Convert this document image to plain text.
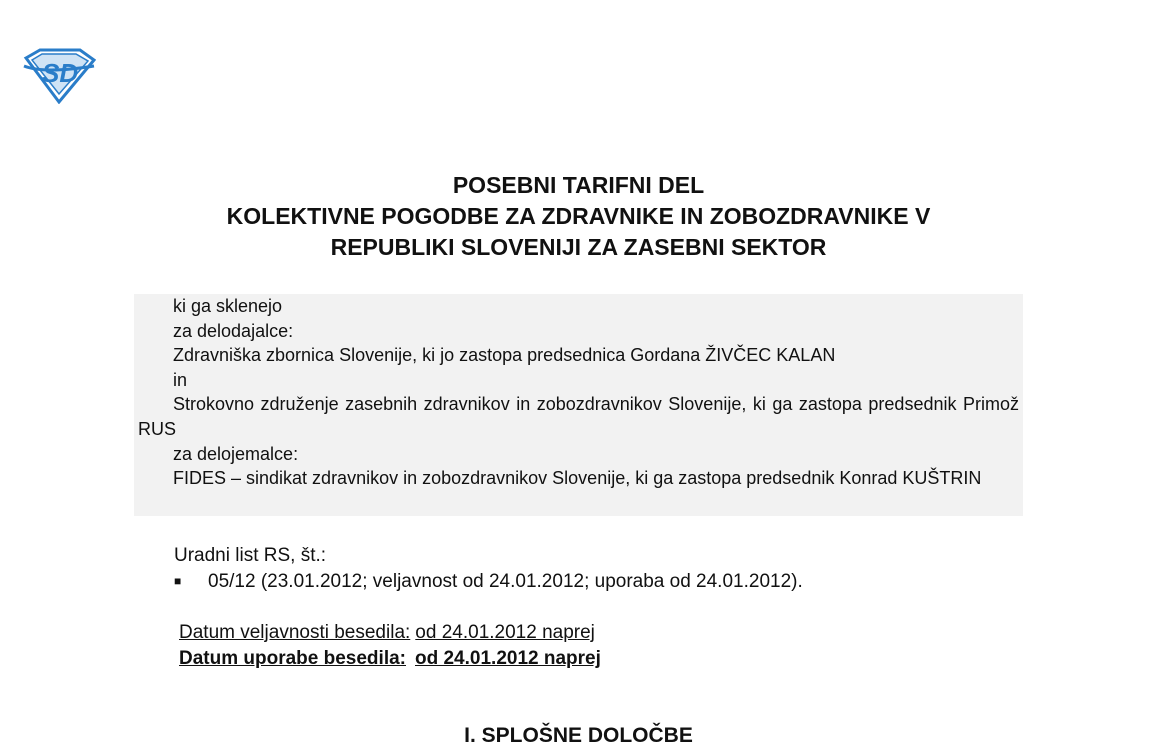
SD
POSEBNI TARIFNI DEL
KOLEKTIVNE POGODBE ZA ZDRAVNIKE IN ZOBOZDRAVNIKE V
REPUBLIKI SLOVENIJI ZA ZASEBNI SEKTOR
ki ga sklenejo
za delodajalce:
Zdravniška zbornica Slovenije, ki jo zastopa predsednica Gordana ŽIVČEC KALAN
in
Strokovno združenje zasebnih zdravnikov in zobozdravnikov Slovenije, ki ga zastopa predsednik Primož RUS
za delojemalce:
FIDES – sindikat zdravnikov in zobozdravnikov Slovenije, ki ga zastopa predsednik Konrad KUŠTRIN
Uradni list RS, št.:
■	05/12 (23.01.2012; veljavnost od 24.01.2012; uporaba od 24.01.2012).
Datum veljavnosti besedila: od 24.01.2012 naprej
Datum uporabe besedila: od 24.01.2012 naprej
I. SPLOŠNE DOLOČBE
